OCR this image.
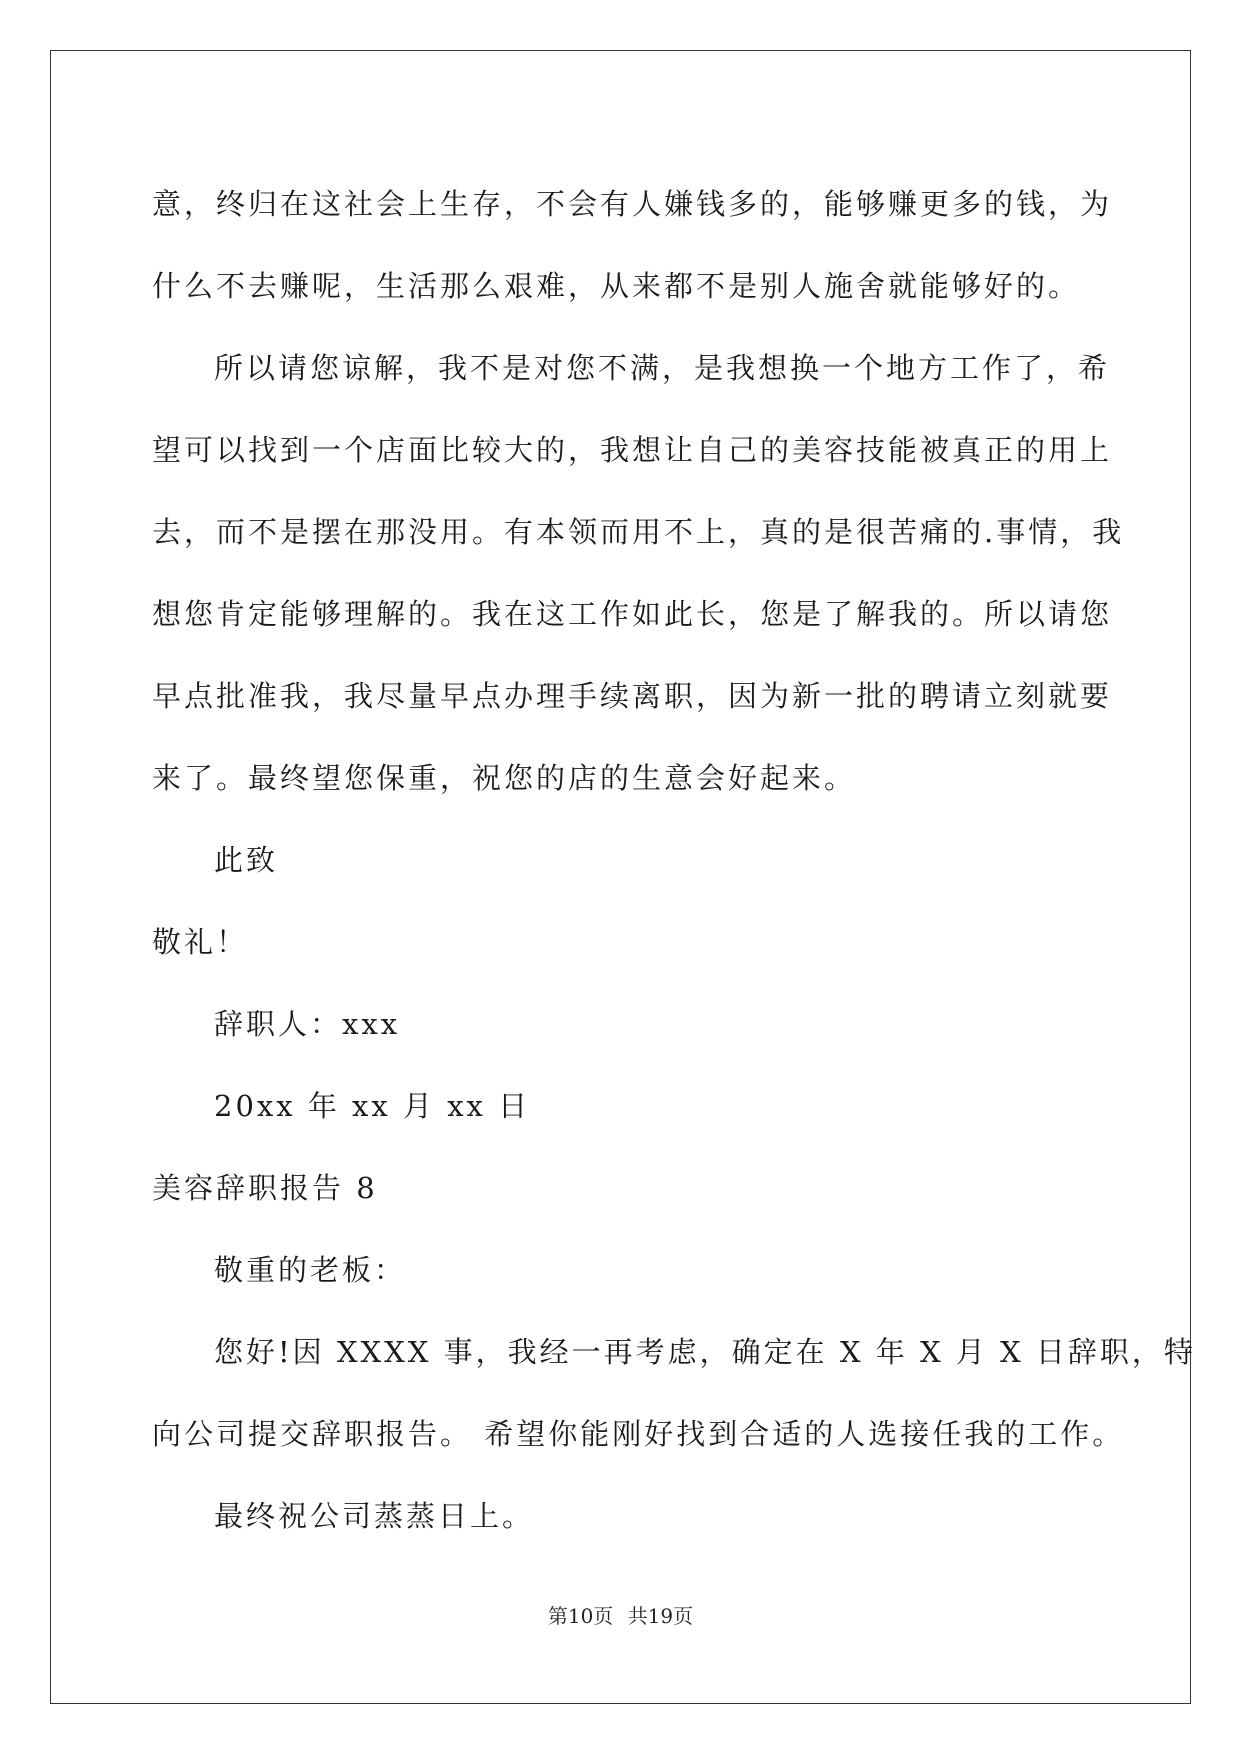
意，终归在这社会上生存，不会有人嫌钱多的，能够赚更多的钱，为
什么不去赚呢，生活那么艰难，从来都不是别人施舍就能够好的。
所以请您谅解，我不是对您不满，是我想换一个地方工作了，希
望可以找到一个店面比较大的，我想让自己的美容技能被真正的用上
去，而不是摆在那没用。有本领而用不上，真的是很苦痛的.事情，我
想您肯定能够理解的。我在这工作如此长，您是了解我的。所以请您
早点批准我，我尽量早点办理手续离职，因为新一批的聘请立刻就要
来了。最终望您保重，祝您的店的生意会好起来。
此致
敬礼！
辞职人：xxx
20xx 年 xx 月 xx 日
美容辞职报告 8
敬重的老板：
您好!因 XXXX 事，我经一再考虑，确定在 X 年 X 月 X 日辞职，特
向公司提交辞职报告。 希望你能刚好找到合适的人选接任我的工作。
最终祝公司蒸蒸日上。
第10页 共19页
